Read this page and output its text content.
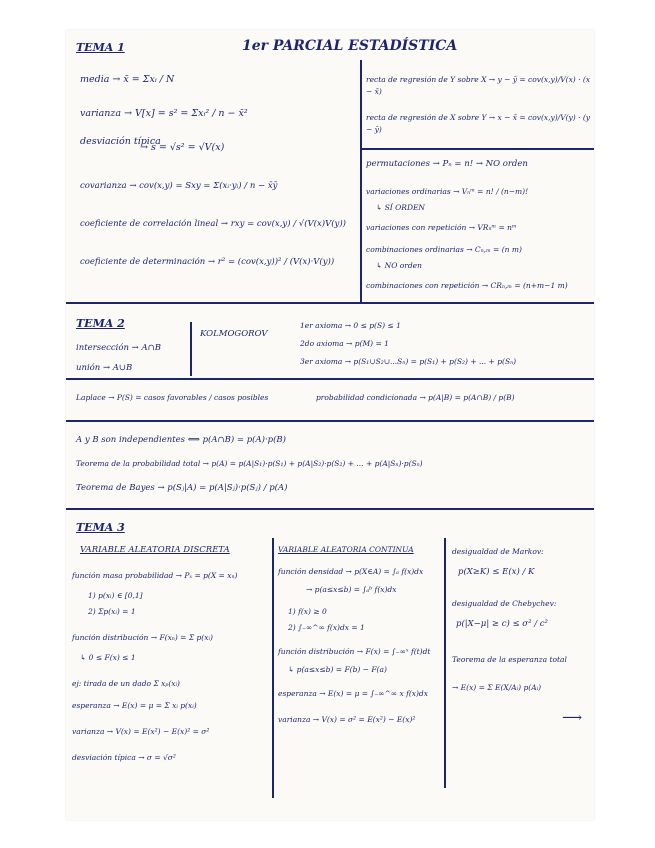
1er PARCIAL ESTADÍSTICA
TEMA 1
media → x̄ = Σxᵢ / N
varianza → V[x] = s² = Σxᵢ² / n − x̄²
desviación típica
→ s = √s² = √V(x)
covarianza → cov(x,y) = Sxy = Σ(xᵢ·yᵢ) / n − x̄ȳ
coeficiente de correlación lineal → rxy = cov(x,y) / √(V(x)V(y))
coeficiente de determinación → r² = (cov(x,y))² / (V(x)·V(y))
recta de regresión de Y sobre X → y − ȳ = cov(x,y)/V(x) · (x − x̄)
recta de regresión de X sobre Y → x − x̄ = cov(x,y)/V(y) · (y − ȳ)
permutaciones → Pₙ = n! → NO orden
variaciones ordinarias → Vₙᵐ = n! / (n−m)!
↳ SÍ ORDEN
variaciones con repetición → VRₙᵐ = nᵐ
combinaciones ordinarias → Cₙ,ₘ = (n m)
↳ NO orden
combinaciones con repetición → CRₙ,ₘ = (n+m−1 m)
TEMA 2
intersección → A∩B
unión → A∪B
KOLMOGOROV
1er axioma → 0 ≤ p(S) ≤ 1
2do axioma → p(M) = 1
3er axioma → p(S₁∪S₂∪...Sₙ) = p(S₁) + p(S₂) + ... + p(Sₙ)
Laplace → P(S) = casos favorables / casos posibles	probabilidad condicionada → p(A|B) = p(A∩B) / p(B)
A y B son independientes ⟺ p(A∩B) = p(A)·p(B)
Teorema de la probabilidad total → p(A) = p(A|S₁)·p(S₁) + p(A|S₂)·p(S₂) + ... + p(A|Sₙ)·p(Sₙ)
Teorema de Bayes → p(Sⱼ|A) = p(A|Sⱼ)·p(Sⱼ) / p(A)
TEMA 3
VARIABLE ALEATORIA DISCRETA
función masa probabilidad → Pₓ = p(X = xₙ)
1) p(xᵢ) ∈ [0,1]
2) Σp(xᵢ) = 1
función distribución → F(xₙ) = Σ p(xᵢ)
↳ 0 ≤ F(x) ≤ 1
ej: tirada de un dado Σ xₚ(xᵢ)
esperanza → E(x) = μ = Σ xᵢ p(xᵢ)
varianza → V(x) = E(x²) − E(x)² = σ²
desviación típica → σ = √σ²
VARIABLE ALEATORIA CONTINUA
función densidad → p(X∈A) = ∫ₐ f(x)dx
→ p(a≤x≤b) = ∫ₐᵇ f(x)dx
1) f(x) ≥ 0
2) ∫₋∞^∞ f(x)dx = 1
función distribución → F(x) = ∫₋∞ˣ f(t)dt
↳ p(a≤x≤b) = F(b) − F(a)
esperanza → E(x) = μ = ∫₋∞^∞ x f(x)dx
varianza → V(x) = σ² = E(x²) − E(x)²
desigualdad de Markov:
p(X≥K) ≤ E(x) / K
desigualdad de Chebychev:
p(|X−μ| ≥ c) ≤ σ² / c²
Teorema de la esperanza total
→ E(x) = Σ E(X/Aᵢ) p(Aᵢ)
⟶
